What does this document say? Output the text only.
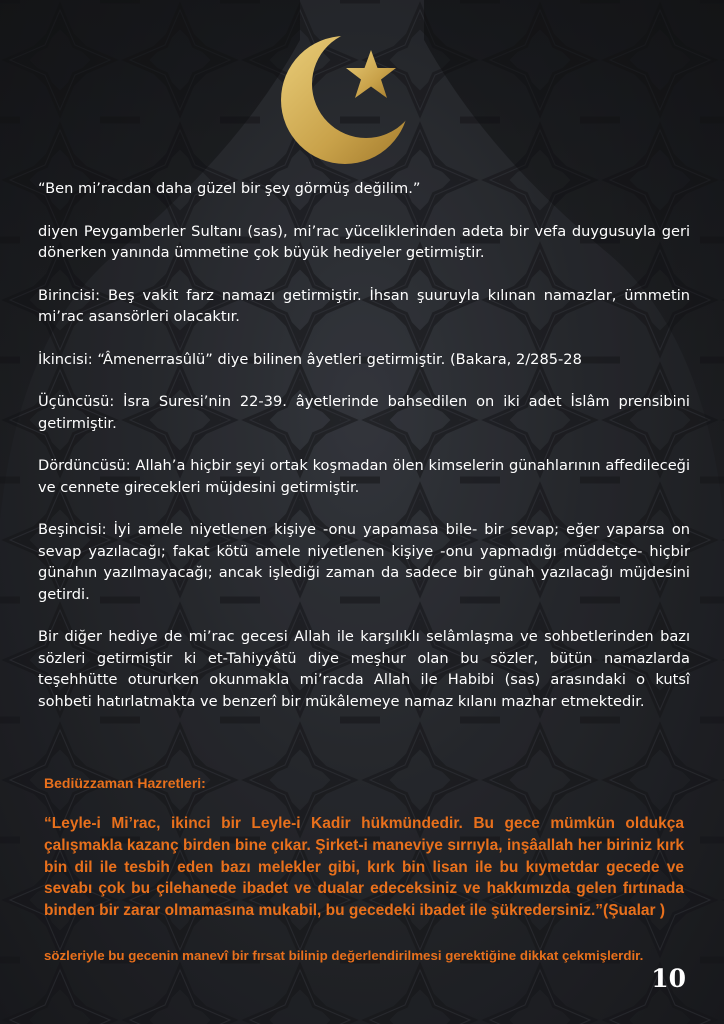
“Ben mi’racdan daha güzel bir şey görmüş değilim.”

diyen Peygamberler Sultanı (sas), mi’rac yüceliklerinden adeta bir vefa duygusuyla geri dönerken yanında ümmetine çok büyük hediyeler getirmiştir.

Birincisi: Beş vakit farz namazı getirmiştir. İhsan şuuruyla kılınan namazlar, ümmetin mi’rac asansörleri olacaktır.

İkincisi: “Âmenerrasûlü” diye bilinen âyetleri getirmiştir. (Bakara, 2/285-28

Üçüncüsü: İsra Suresi’nin 22-39. âyetlerinde bahsedilen on iki adet İslâm prensibini getirmiştir.

Dördüncüsü: Allah’a hiçbir şeyi ortak koşmadan ölen kimselerin günahlarının affedileceği ve cennete girecekleri müjdesini getirmiştir.

Beşincisi: İyi amele niyetlenen kişiye -onu yapamasa bile- bir sevap; eğer yaparsa on sevap yazılacağı; fakat kötü amele niyetlenen kişiye -onu yapmadığı müddetçe- hiçbir günahın yazılmayacağı; ancak işlediği zaman da sadece bir günah yazılacağı müjdesini getirdi.

Bir diğer hediye de mi’rac gecesi Allah ile karşılıklı selâmlaşma ve sohbetlerinden bazı sözleri getirmiştir ki et-Tahiyyâtü diye meşhur olan bu sözler, bütün namazlarda teşehhütte otururken okunmakla mi’racda Allah ile Habibi (sas) arasındaki o kutsî sohbeti hatırlatmakta ve benzerî bir mükâlemeye namaz kılanı mazhar etmektedir.

Bediüzzaman Hazretleri:

“Leyle-i Mi’rac, ikinci bir Leyle-i Kadir hükmündedir. Bu gece mümkün oldukça çalışmakla kazanç birden bine çıkar. Şirket-i maneviye sırrıyla, inşâallah her biriniz kırk bin dil ile tesbih eden bazı melekler gibi, kırk bin lisan ile bu kıymetdar gecede ve sevabı çok bu çilehanede ibadet ve dualar edeceksiniz ve hakkımızda gelen fırtınada binden bir zarar olmamasına mukabil, bu gecedeki ibadet ile şükredersiniz.”(Şualar )

sözleriyle bu gecenin manevî bir fırsat bilinip değerlendirilmesi gerektiğine dikkat çekmişlerdir.

10
